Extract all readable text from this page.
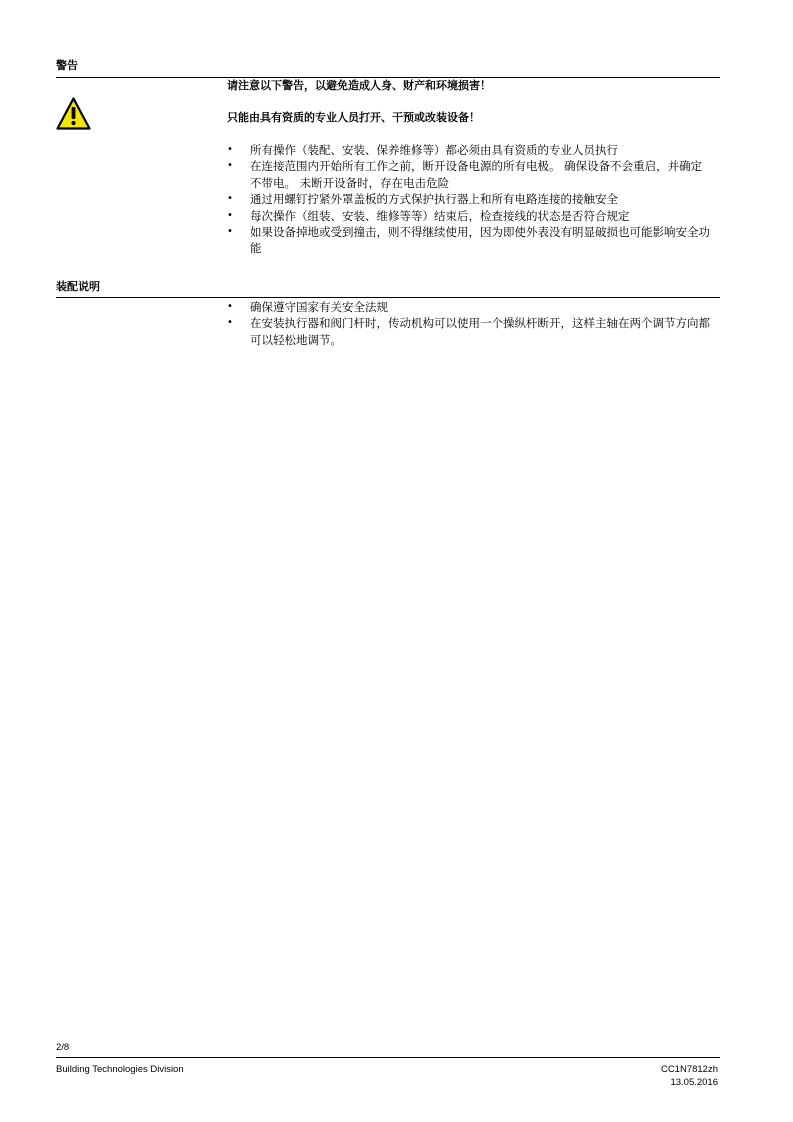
警告
请注意以下警告，以避免造成人身、财产和环境损害！
只能由具有资质的专业人员打开、干预或改装设备！
• 所有操作（装配、安装、保养维修等）都必须由具有资质的专业人员执行
• 在连接范围内开始所有工作之前，断开设备电源的所有电极。 确保设备不会重启，并确定不带电。 未断开设备时，存在电击危险
• 通过用螺钉拧紧外罩盖板的方式保护执行器上和所有电路连接的接触安全
• 每次操作（组装、安装、维修等等）结束后，检查接线的状态是否符合规定
• 如果设备掉地或受到撞击，则不得继续使用，因为即使外表没有明显破损也可能影响安全功能
装配说明
• 确保遵守国家有关安全法规
• 在安装执行器和阀门杆时，传动机构可以使用一个操纵杆断开，这样主轴在两个调节方向都可以轻松地调节。
2/8
Building Technologies Division	CC1N7812zh
13.05.2016
